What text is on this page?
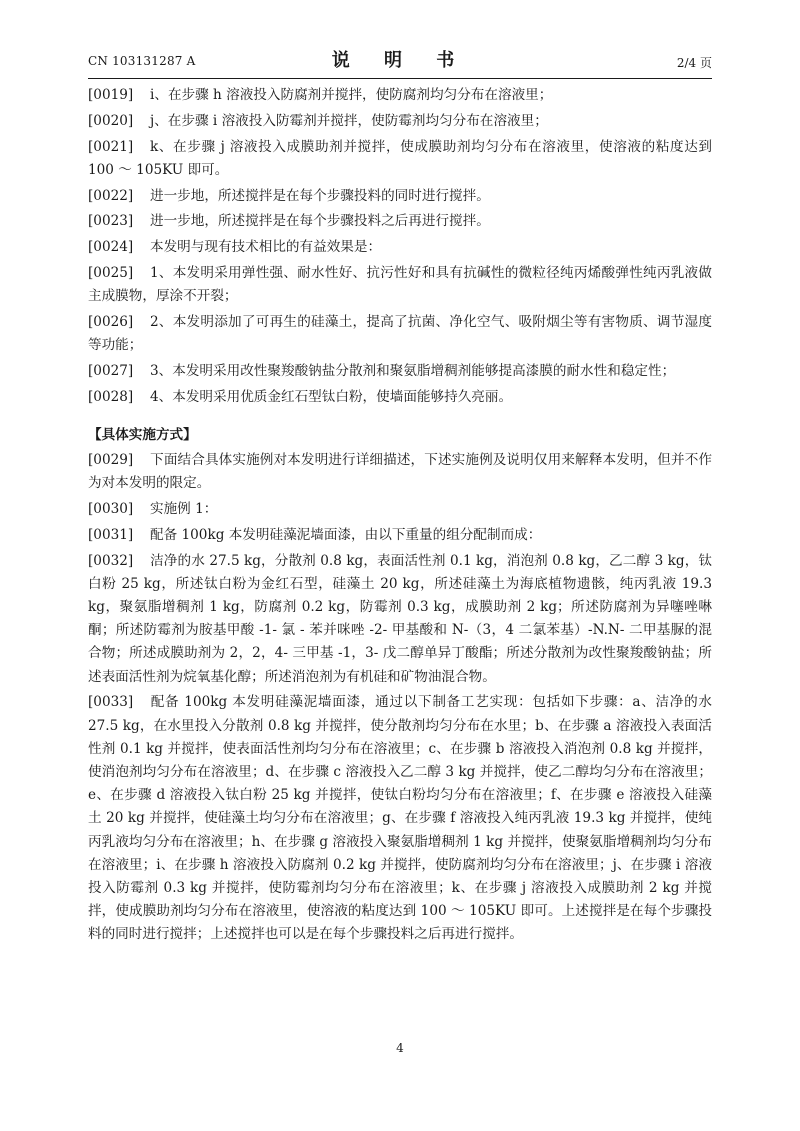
CN 103131287 A	说 明 书	2/4 页
[0019] i、在步骤 h 溶液投入防腐剂并搅拌，使防腐剂均匀分布在溶液里；
[0020] j、在步骤 i 溶液投入防霉剂并搅拌，使防霉剂均匀分布在溶液里；
[0021] k、在步骤 j 溶液投入成膜助剂并搅拌，使成膜助剂均匀分布在溶液里，使溶液的粘度达到 100 ～ 105KU 即可。
[0022] 进一步地，所述搅拌是在每个步骤投料的同时进行搅拌。
[0023] 进一步地，所述搅拌是在每个步骤投料之后再进行搅拌。
[0024] 本发明与现有技术相比的有益效果是：
[0025] 1、本发明采用弹性强、耐水性好、抗污性好和具有抗碱性的微粒径纯丙烯酸弹性纯丙乳液做主成膜物，厚涂不开裂；
[0026] 2、本发明添加了可再生的硅藻土，提高了抗菌、净化空气、吸附烟尘等有害物质、调节湿度等功能；
[0027] 3、本发明采用改性聚羧酸钠盐分散剂和聚氨脂增稠剂能够提高漆膜的耐水性和稳定性；
[0028] 4、本发明采用优质金红石型钛白粉，使墙面能够持久亮丽。
【具体实施方式】
[0029] 下面结合具体实施例对本发明进行详细描述，下述实施例及说明仅用来解释本发明，但并不作为对本发明的限定。
[0030] 实施例 1：
[0031] 配备 100kg 本发明硅藻泥墙面漆，由以下重量的组分配制而成：
[0032] 洁净的水 27.5 kg，分散剂 0.8 kg，表面活性剂 0.1 kg，消泡剂 0.8 kg，乙二醇 3 kg，钛白粉 25 kg，所述钛白粉为金红石型，硅藻土 20 kg，所述硅藻土为海底植物遗骸，纯丙乳液 19.3 kg，聚氨脂增稠剂 1 kg，防腐剂 0.2 kg，防霉剂 0.3 kg，成膜助剂 2 kg；所述防腐剂为异噻唑啉酮；所述防霉剂为胺基甲酸 -1- 氯 - 苯并咪唑 -2- 甲基酸和 N-（3，4 二氯苯基）-N.N- 二甲基脲的混合物；所述成膜助剂为 2，2，4- 三甲基 -1，3- 戊二醇单异丁酸酯；所述分散剂为改性聚羧酸钠盐；所述表面活性剂为烷氧基化醇；所述消泡剂为有机硅和矿物油混合物。
[0033] 配备 100kg 本发明硅藻泥墙面漆，通过以下制备工艺实现：包括如下步骤：a、洁净的水 27.5 kg，在水里投入分散剂 0.8 kg 并搅拌，使分散剂均匀分布在水里；b、在步骤 a 溶液投入表面活性剂 0.1 kg 并搅拌，使表面活性剂均匀分布在溶液里；c、在步骤 b 溶液投入消泡剂 0.8 kg 并搅拌，使消泡剂均匀分布在溶液里；d、在步骤 c 溶液投入乙二醇 3 kg 并搅拌，使乙二醇均匀分布在溶液里；e、在步骤 d 溶液投入钛白粉 25 kg 并搅拌，使钛白粉均匀分布在溶液里；f、在步骤 e 溶液投入硅藻土 20 kg 并搅拌，使硅藻土均匀分布在溶液里；g、在步骤 f 溶液投入纯丙乳液 19.3 kg 并搅拌，使纯丙乳液均匀分布在溶液里；h、在步骤 g 溶液投入聚氨脂增稠剂 1 kg 并搅拌，使聚氨脂增稠剂均匀分布在溶液里；i、在步骤 h 溶液投入防腐剂 0.2 kg 并搅拌，使防腐剂均匀分布在溶液里；j、在步骤 i 溶液投入防霉剂 0.3 kg 并搅拌，使防霉剂均匀分布在溶液里；k、在步骤 j 溶液投入成膜助剂 2 kg 并搅拌，使成膜助剂均匀分布在溶液里，使溶液的粘度达到 100 ～ 105KU 即可。上述搅拌是在每个步骤投料的同时进行搅拌；上述搅拌也可以是在每个步骤投料之后再进行搅拌。
4
